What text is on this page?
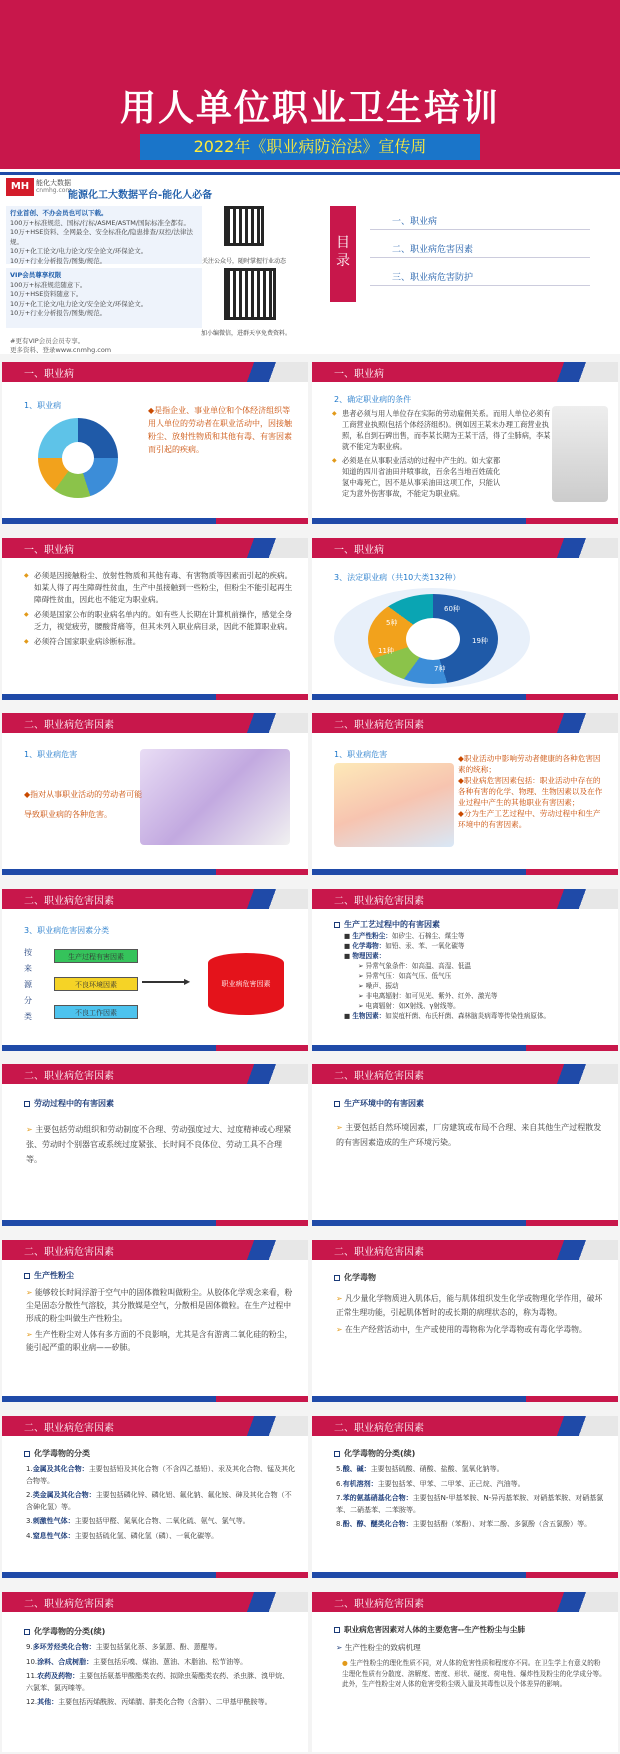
用人单位职业卫生培训
2022年《职业病防治法》宣传周
MH 能化大数据
cnmhg.com
能源化工大数据平台-能化人必备
行业首创、不办会员也可以下载。
100万+标准规范、国标/行标/ASME/ASTM/国际标准全都有。
10万+HSE资料、全网最全、安全标准化/隐患排查/双控/法律法规。
10万+化工论文/电力论文/安全论文/环保论文。
10万+行业分析报告/图集/规范。
VIP会员尊享权限
100万+标准规范随意下。
10万+HSE资料随意下。
10万+化工论文/电力论文/安全论文/环保论文。
10万+行业分析报告/图集/规范。
#更有VIP会员会员专享。
更多资料、登录www.cnmhg.com
关注公众号，随时掌握行业动态
加小编微信，进群天享免费资料。
目录
一、职业病
二、职业病危害因素
三、职业病危害防护
一、职业病
1、职业病
◆是指企业、事业单位和个体经济组织等用人单位的劳动者在职业活动中，因接触粉尘、放射性物质和其他有毒、有害因素而引起的疾病。
一、职业病
2、确定职业病的条件

◆ 患者必须与用人单位存在实际的劳动雇佣关系。而用人单位必须有工商营业执照(包括个体经济组织)。例如因王某未办理工商营业执照，私自到石碑出售，而李某长期为王某干活，得了尘肺病，李某就不能定为职业病。

◆ 必须是在从事职业活动的过程中产生的。如大家都知道的四川省油田井喷事故，百余名当地百姓硫化氢中毒死亡，因不是从事采油田这项工作，只能认定为意外伤害事故，不能定为职业病。

一、职业病

◆ 必须是因接触粉尘、放射性物质和其他有毒、有害物质等因素而引起的疾病。如某人得了再生障碍性贫血，生产中虽接触到一些粉尘，但粉尘不能引起再生障碍性贫血，因此也不能定为职业病。

◆ 必须是国家公布的职业病名单内的。如有些人长期在计算机前操作，感觉全身乏力，视觉疲劳，腰酸背痛等，但其未列入职业病目录，因此不能算职业病。

◆ 必须符合国家职业病诊断标准。

一、职业病
3、法定职业病（共10大类132种）
60种
19种
7种
11种
5种
二、职业病危害因素
1、职业病危害
◆指对从事职业活动的劳动者可能导致职业病的各种危害。
二、职业病危害因素
1、职业病危害	◆职业活动中影响劳动者健康的各种危害因素的统称；
◆职业病危害因素包括：职业活动中存在的各种有害的化学、物理、生物因素以及在作业过程中产生的其他职业有害因素；
◆分为生产工艺过程中、劳动过程中和生产环境中的有害因素。
二、职业病危害因素
3、职业病危害因素分类
按来源分类
生产过程有害因素
不良环境因素
不良工作因素
▶	职业病危害因素
二、职业病危害因素
生产工艺过程中的有害因素
■ 生产性粉尘：如矽尘、石棉尘、煤尘等
■ 化学毒物：如铅、汞、苯、一氧化碳等
■ 物理因素：
➢ 异常气象条件：如高温、高湿、低温
➢ 异常气压：如高气压、低气压
➢ 噪声、振动
➢ 非电离辐射：如可见光、紫外、红外、激光等
➢ 电离辐射：如X射线、γ射线等。
■ 生物因素：如炭疽杆菌、布氏杆菌、森林脑炎病毒等传染性病原体。
二、职业病危害因素
劳动过程中的有害因素

➢ 主要包括劳动组织和劳动制度不合理、劳动强度过大、过度精神或心理紧张、劳动时个别器官或系统过度紧张、长时间不良体位、劳动工具不合理等。

二、职业病危害因素
生产环境中的有害因素

➢ 主要包括自然环境因素，厂房建筑或布局不合理、来自其他生产过程散发的有害因素造成的生产环境污染。

二、职业病危害因素
生产性粉尘

➢ 能够较长时间浮游于空气中的固体微粒叫做粉尘。从胶体化学观念来看，粉尘是固态分散性气溶胶，其分散媒是空气，分散相是固体微粒。在生产过程中形成的粉尘叫做生产性粉尘。

➢ 生产性粉尘对人体有多方面的不良影响，尤其是含有游离二氧化硅的粉尘，能引起严重的职业病——矽肺。

二、职业病危害因素
化学毒物

➢ 凡少量化学物质进入肌体后，能与肌体组织发生化学或物理化学作用，破坏正常生理功能，引起肌体暂时的或长期的病理状态的，称为毒物。

➢ 在生产经营活动中，生产或使用的毒物称为化学毒物或有毒化学毒物。

二、职业病危害因素
化学毒物的分类

1.金属及其化合物：主要包括铅及其化合物（不含四乙基铅）、汞及其化合物、锰及其化合物等。

2.类金属及其化合物：主要包括磷化锌、磷化铝、氟化钠、氟化铵、砷及其化合物（不含砷化氢）等。

3.刺激性气体：主要包括甲醛、氮氧化合物、二氧化硫、氨气、氯气等。

4.窒息性气体：主要包括硫化氢、磷化氢（磷）、一氧化碳等。

二、职业病危害因素
化学毒物的分类(续)

5.酸、碱：主要包括硫酸、硝酸、盐酸、氢氧化钠等。

6.有机溶剂：主要包括苯、甲苯、二甲苯、正己烷、汽油等。

7.苯的氨基硝基化合物：主要包括N-甲基苯胺、N-异丙基苯胺、对硝基苯胺、对硝基氯苯、二硝基苯、二苯胺等。

8.酚、醇、醚类化合物：主要包括酚（苯酚）、对苯二酚、多氯酚（含五氯酚）等。

二、职业病危害因素
化学毒物的分类(续)

9.多环芳烃类化合物：主要包括氯化萘、多氯蒽、酚、蒽醌等。

10.涂料、合成树脂：主要包括乐嗅、煤油、蒽油、木脂油、松节油等。

11.农药及药物：主要包括氨基甲酸酯类农药、拟除虫菊酯类农药、杀虫脒、溴甲烷、六氯苯、氯丙嗪等。

12.其他：主要包括丙烯酰胺、丙烯腈、肼类化合物（含肼）、二甲基甲酰胺等。

二、职业病危害因素
职业病危害因素对人体的主要危害--生产性粉尘与尘肺
➢ 生产性粉尘的致病机理

● 生产性粉尘的理化性质不同，对人体的危害性质和程度亦不同。在卫生学上有意义的粉尘理化性质有分散度、溶解度、密度、形状、硬度、荷电性、爆炸性及粉尘的化学成分等。此外，生产性粉尘对人体的危害受粉尘吸入量及其毒性以及个体差异的影响。
